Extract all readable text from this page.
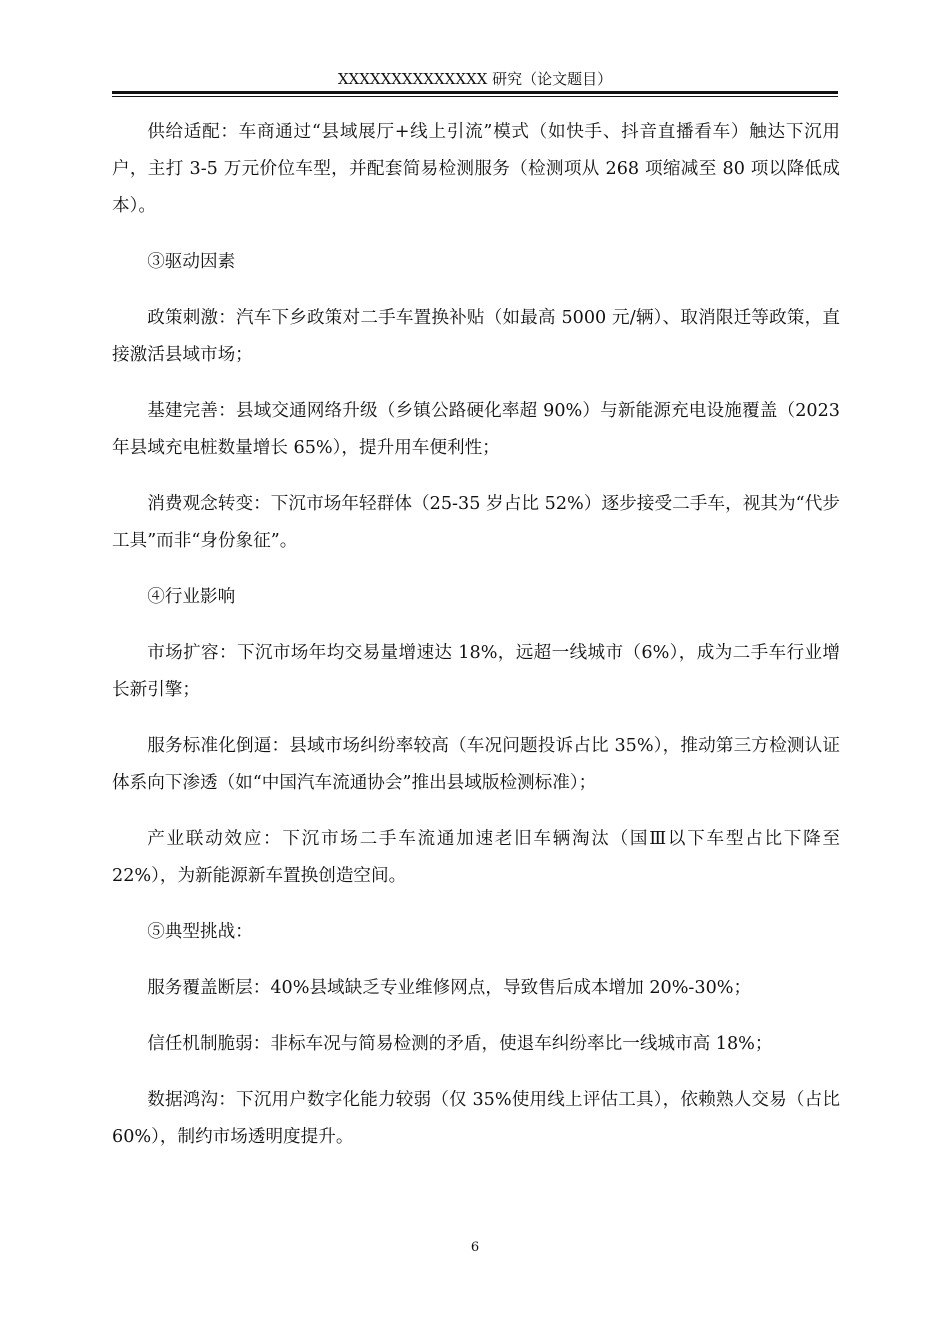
XXXXXXXXXXXXXX 研究（论文题目）

供给适配：车商通过“县域展厅+线上引流”模式（如快手、抖音直播看车）触达下沉用户，主打 3-5 万元价位车型，并配套简易检测服务（检测项从 268 项缩减至 80 项以降低成本）。

③驱动因素

政策刺激：汽车下乡政策对二手车置换补贴（如最高 5000 元/辆）、取消限迁等政策，直接激活县域市场；

基建完善：县域交通网络升级（乡镇公路硬化率超 90%）与新能源充电设施覆盖（2023 年县域充电桩数量增长 65%），提升用车便利性；

消费观念转变：下沉市场年轻群体（25-35 岁占比 52%）逐步接受二手车，视其为“代步工具”而非“身份象征”。

④行业影响

市场扩容：下沉市场年均交易量增速达 18%，远超一线城市（6%），成为二手车行业增长新引擎；

服务标准化倒逼：县域市场纠纷率较高（车况问题投诉占比 35%），推动第三方检测认证体系向下渗透（如“中国汽车流通协会”推出县域版检测标准）；

产业联动效应：下沉市场二手车流通加速老旧车辆淘汰（国Ⅲ以下车型占比下降至 22%），为新能源新车置换创造空间。

⑤典型挑战：

服务覆盖断层：40%县域缺乏专业维修网点，导致售后成本增加 20%-30%；

信任机制脆弱：非标车况与简易检测的矛盾，使退车纠纷率比一线城市高 18%；

数据鸿沟：下沉用户数字化能力较弱（仅 35%使用线上评估工具），依赖熟人交易（占比 60%），制约市场透明度提升。

6
